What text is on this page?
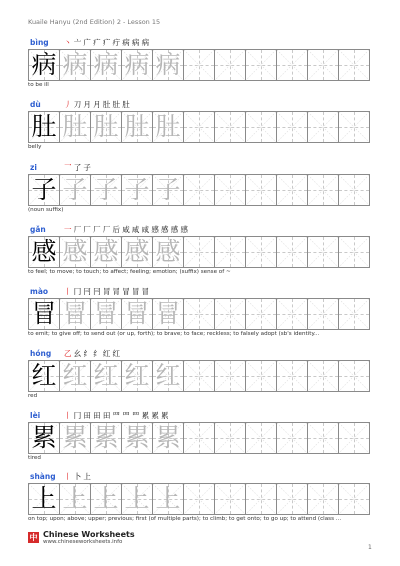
Kuaile Hanyu (2nd Edition) 2 - Lesson 15
bìng 丶亠广疒疒疔病病病
病 病 病 病 病
to be ill
dù	丿刀月月肚肚肚
肚 肚 肚 肚 肚
belly
zi	乛了子
子 子 子 子 子
(noun suffix)
gǎn 一厂厂厂厂后咸咸咸感感感感
感 感 感 感 感
to feel; to move; to touch; to affect; feeling; emotion; (suffix) sense of ~
mào 丨冂冃冃冐冐冒冒冒
冒 冒 冒 冒 冒
to emit; to give off; to send out (or up, forth); to brave; to face; reckless; to falsely adopt (sb's identity...
hóng 乙幺纟纟红红
红 红 红 红 红
red
lèi	丨冂田田田罒罒罒累累累
累 累 累 累 累
tired
shàng 丨卜上
上 上 上 上 上
on top; upon; above; upper; previous; first (of multiple parts); to climb; to get onto; to go up; to attend (class ...
中 Chinese Worksheets
www.chineseworksheets.info
1
